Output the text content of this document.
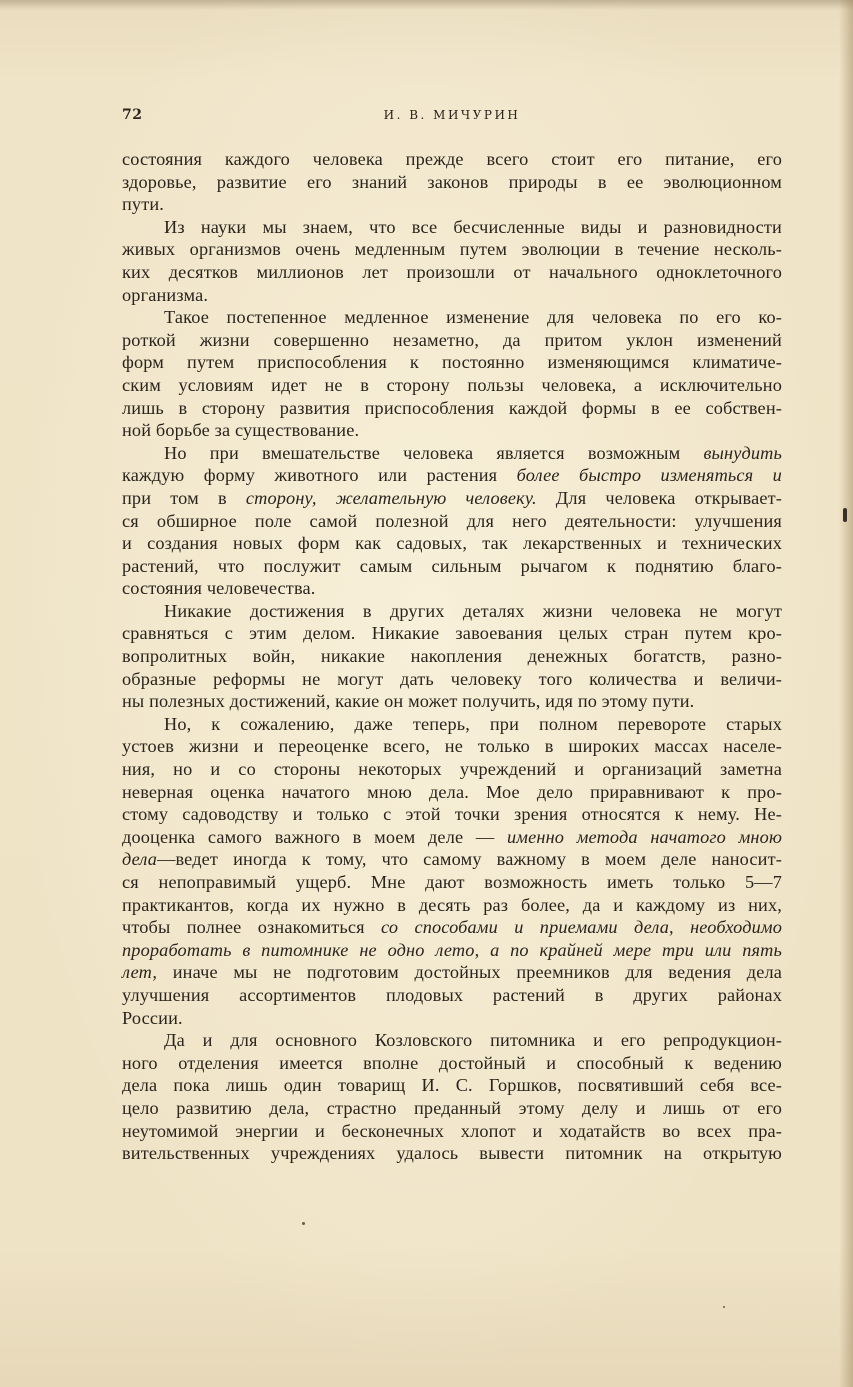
72	И. В. МИЧУРИН
состояния каждого человека прежде всего стоит его питание, его
здоровье, развитие его знаний законов природы в ее эволюционном
пути.
Из науки мы знаем, что все бесчисленные виды и разновидности
живых организмов очень медленным путем эволюции в течение несколь-
ких десятков миллионов лет произошли от начального одноклеточного
организма.
Такое постепенное медленное изменение для человека по его ко-
роткой жизни совершенно незаметно, да притом уклон изменений
форм путем приспособления к постоянно изменяющимся климатиче-
ским условиям идет не в сторону пользы человека, а исключительно
лишь в сторону развития приспособления каждой формы в ее собствен-
ной борьбе за существование.
Но при вмешательстве человека является возможным вынудить
каждую форму животного или растения более быстро изменяться и
при том в сторону, желательную человеку. Для человека открывает-
ся обширное поле самой полезной для него деятельности: улучшения
и создания новых форм как садовых, так лекарственных и технических
растений, что послужит самым сильным рычагом к поднятию благо-
состояния человечества.
Никакие достижения в других деталях жизни человека не могут
сравняться с этим делом. Никакие завоевания целых стран путем кро-
вопролитных войн, никакие накопления денежных богатств, разно-
образные реформы не могут дать человеку того количества и величи-
ны полезных достижений, какие он может получить, идя по этому пути.
Но, к сожалению, даже теперь, при полном перевороте старых
устоев жизни и переоценке всего, не только в широких массах населе-
ния, но и со стороны некоторых учреждений и организаций заметна
неверная оценка начатого мною дела. Мое дело приравнивают к про-
стому садоводству и только с этой точки зрения относятся к нему. Не-
дооценка самого важного в моем деле — именно метода начатого мною
дела—ведет иногда к тому, что самому важному в моем деле наносит-
ся непоправимый ущерб. Мне дают возможность иметь только 5—7
практикантов, когда их нужно в десять раз более, да и каждому из них,
чтобы полнее ознакомиться со способами и приемами дела, необходимо
проработать в питомнике не одно лето, а по крайней мере три или пять
лет, иначе мы не подготовим достойных преемников для ведения дела
улучшения ассортиментов плодовых растений в других районах
России.
Да и для основного Козловского питомника и его репродукцион-
ного отделения имеется вполне достойный и способный к ведению
дела пока лишь один товарищ И. С. Горшков, посвятивший себя все-
цело развитию дела, страстно преданный этому делу и лишь от его
неутомимой энергии и бесконечных хлопот и ходатайств во всех пра-
вительственных учреждениях удалось вывести питомник на открытую
